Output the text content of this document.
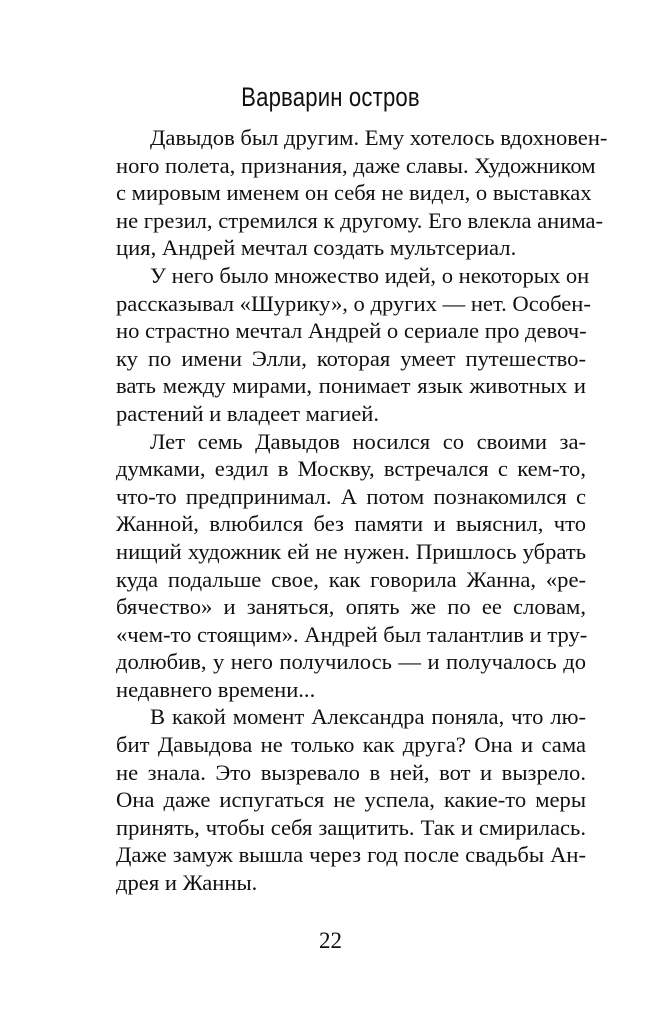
Варварин остров
Давыдов был другим. Ему хотелось вдохновен-
ного полета, признания, даже славы. Художником
с мировым именем он себя не видел, о выставках
не грезил, стремился к другому. Его влекла анима-
ция, Андрей мечтал создать мультсериал.
У него было множество идей, о некоторых он
рассказывал «Шурику», о других — нет. Особен-
но страстно мечтал Андрей о сериале про девоч-
ку по имени Элли, которая умеет путешество-
вать между мирами, понимает язык животных и
растений и владеет магией.
Лет семь Давыдов носился со своими за-
думками, ездил в Москву, встречался с кем-то,
что-то предпринимал. А потом познакомился с
Жанной, влюбился без памяти и выяснил, что
нищий художник ей не нужен. Пришлось убрать
куда подальше свое, как говорила Жанна, «ре-
бячество» и заняться, опять же по ее словам,
«чем-то стоящим». Андрей был талантлив и тру-
долюбив, у него получилось — и получалось до
недавнего времени...
В какой момент Александра поняла, что лю-
бит Давыдова не только как друга? Она и сама
не знала. Это вызревало в ней, вот и вызрело.
Она даже испугаться не успела, какие-то меры
принять, чтобы себя защитить. Так и смирилась.
Даже замуж вышла через год после свадьбы Ан-
дрея и Жанны.
22
